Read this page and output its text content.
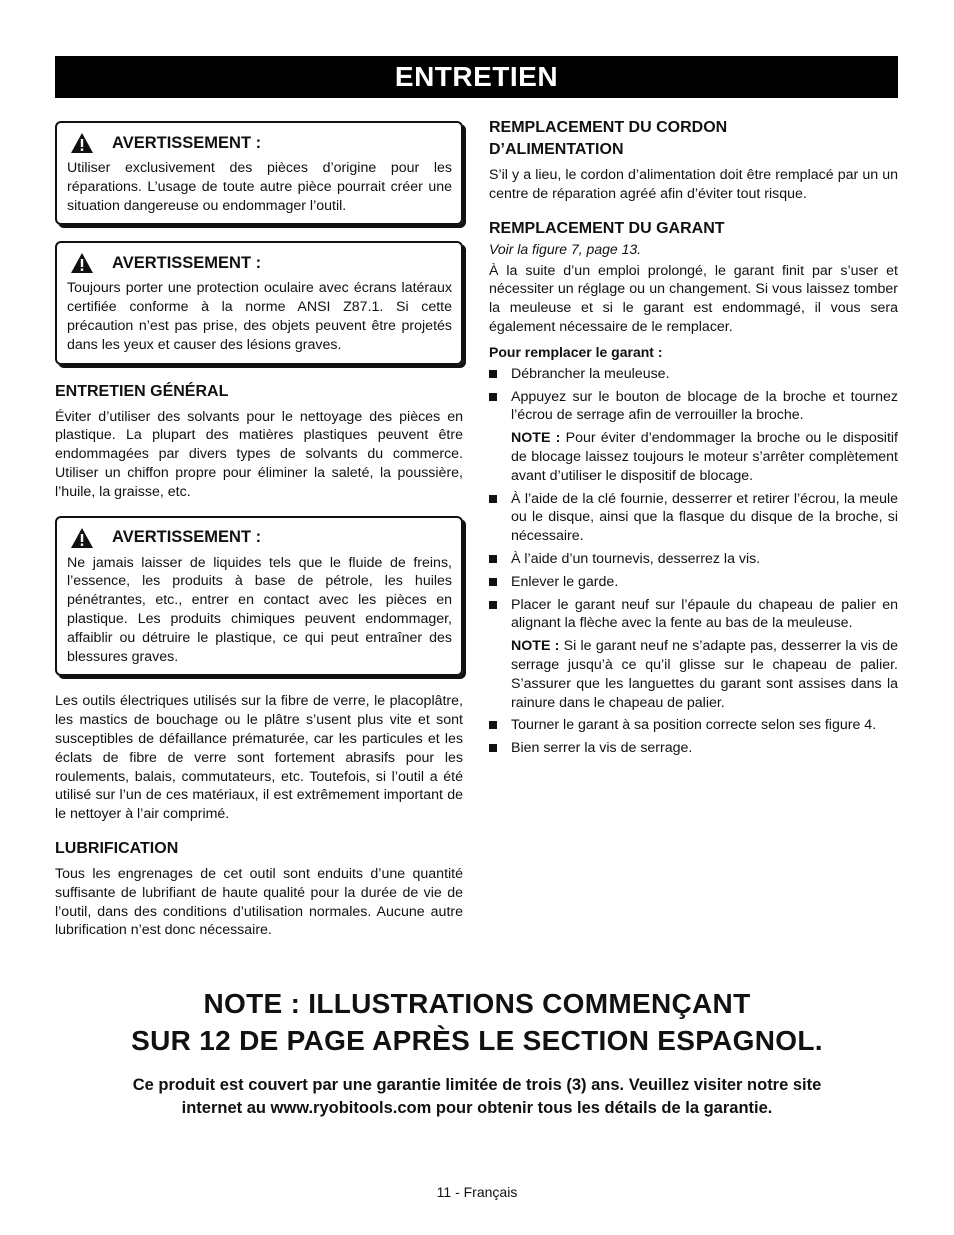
ENTRETIEN
AVERTISSEMENT :

Utiliser exclusivement des pièces d’origine pour les réparations. L’usage de toute autre pièce pourrait créer une situation dangereuse ou endommager l’outil.

AVERTISSEMENT :

Toujours porter une protection oculaire avec écrans latéraux certifiée conforme à la norme ANSI Z87.1. Si cette précaution n’est pas prise, des objets peuvent être projetés dans les yeux et causer des lésions graves.

ENTRETIEN GÉNÉRAL

Éviter d’utiliser des solvants pour le nettoyage des pièces en plastique. La plupart des matières plastiques peuvent être endommagées par divers types de solvants du commerce. Utiliser un chiffon propre pour éliminer la saleté, la poussière, l’huile, la graisse, etc.

AVERTISSEMENT :

Ne jamais laisser de liquides tels que le fluide de freins, l’essence, les produits à base de pétrole, les huiles pénétrantes, etc., entrer en contact avec les pièces en plastique. Les produits chimiques peuvent endommager, affaiblir ou détruire le plastique, ce qui peut entraîner des blessures graves.

Les outils électriques utilisés sur la fibre de verre, le placoplâtre, les mastics de bouchage ou le plâtre s’usent plus vite et sont susceptibles de défaillance prématurée, car les particules et les éclats de fibre de verre sont fortement abrasifs pour les roulements, balais, commutateurs, etc. Toutefois, si l’outil a été utilisé sur l’un de ces matériaux, il est extrêmement important de le nettoyer à l’air comprimé.

LUBRIFICATION

Tous les engrenages de cet outil sont enduits d’une quantité suffisante de lubrifiant de haute qualité pour la durée de vie de l’outil, dans des conditions d’utilisation normales. Aucune autre lubrification n’est donc nécessaire.

REMPLACEMENT DU CORDON
D’ALIMENTATION

S’il y a lieu, le cordon d’alimentation doit être remplacé par un un centre de réparation agréé afin d’éviter tout risque.

REMPLACEMENT DU GARANT

Voir la figure 7, page 13.

À la suite d’un emploi prolongé, le garant finit par s’user et nécessiter un réglage ou un changement. Si vous laissez tomber la meuleuse et si le garant est endommagé, il vous sera également nécessaire de le remplacer.

Pour remplacer le garant :

Débrancher la meuleuse.
Appuyez sur le bouton de blocage de la broche et tournez l’écrou de serrage afin de verrouiller la broche.

NOTE : Pour éviter d’endommager la broche ou le dispositif de blocage laissez toujours le moteur s’arrêter complètement avant d’utiliser le dispositif de blocage.

À l’aide de la clé fournie, desserrer et retirer l’écrou, la meule ou le disque, ainsi que la flasque du disque de la broche, si nécessaire.
À l’aide d’un tournevis, desserrez la vis.
Enlever le garde.
Placer le garant neuf sur l’épaule du chapeau de palier en alignant la flèche avec la fente au bas de la meuleuse.

NOTE : Si le garant neuf ne s’adapte pas, desserrer la vis de serrage jusqu’à ce qu’il glisse sur le chapeau de palier. S’assurer que les languettes du garant sont assises dans la rainure dans le chapeau de palier.

Tourner le garant à sa position correcte selon ses figure 4.
Bien serrer la vis de serrage.
NOTE : ILLUSTRATIONS COMMENÇANT
SUR 12 DE PAGE APRÈS LE SECTION ESPAGNOL.
Ce produit est couvert par une garantie limitée de trois (3) ans. Veuillez visiter notre site
internet au www.ryobitools.com pour obtenir tous les détails de la garantie.
11 - Français
